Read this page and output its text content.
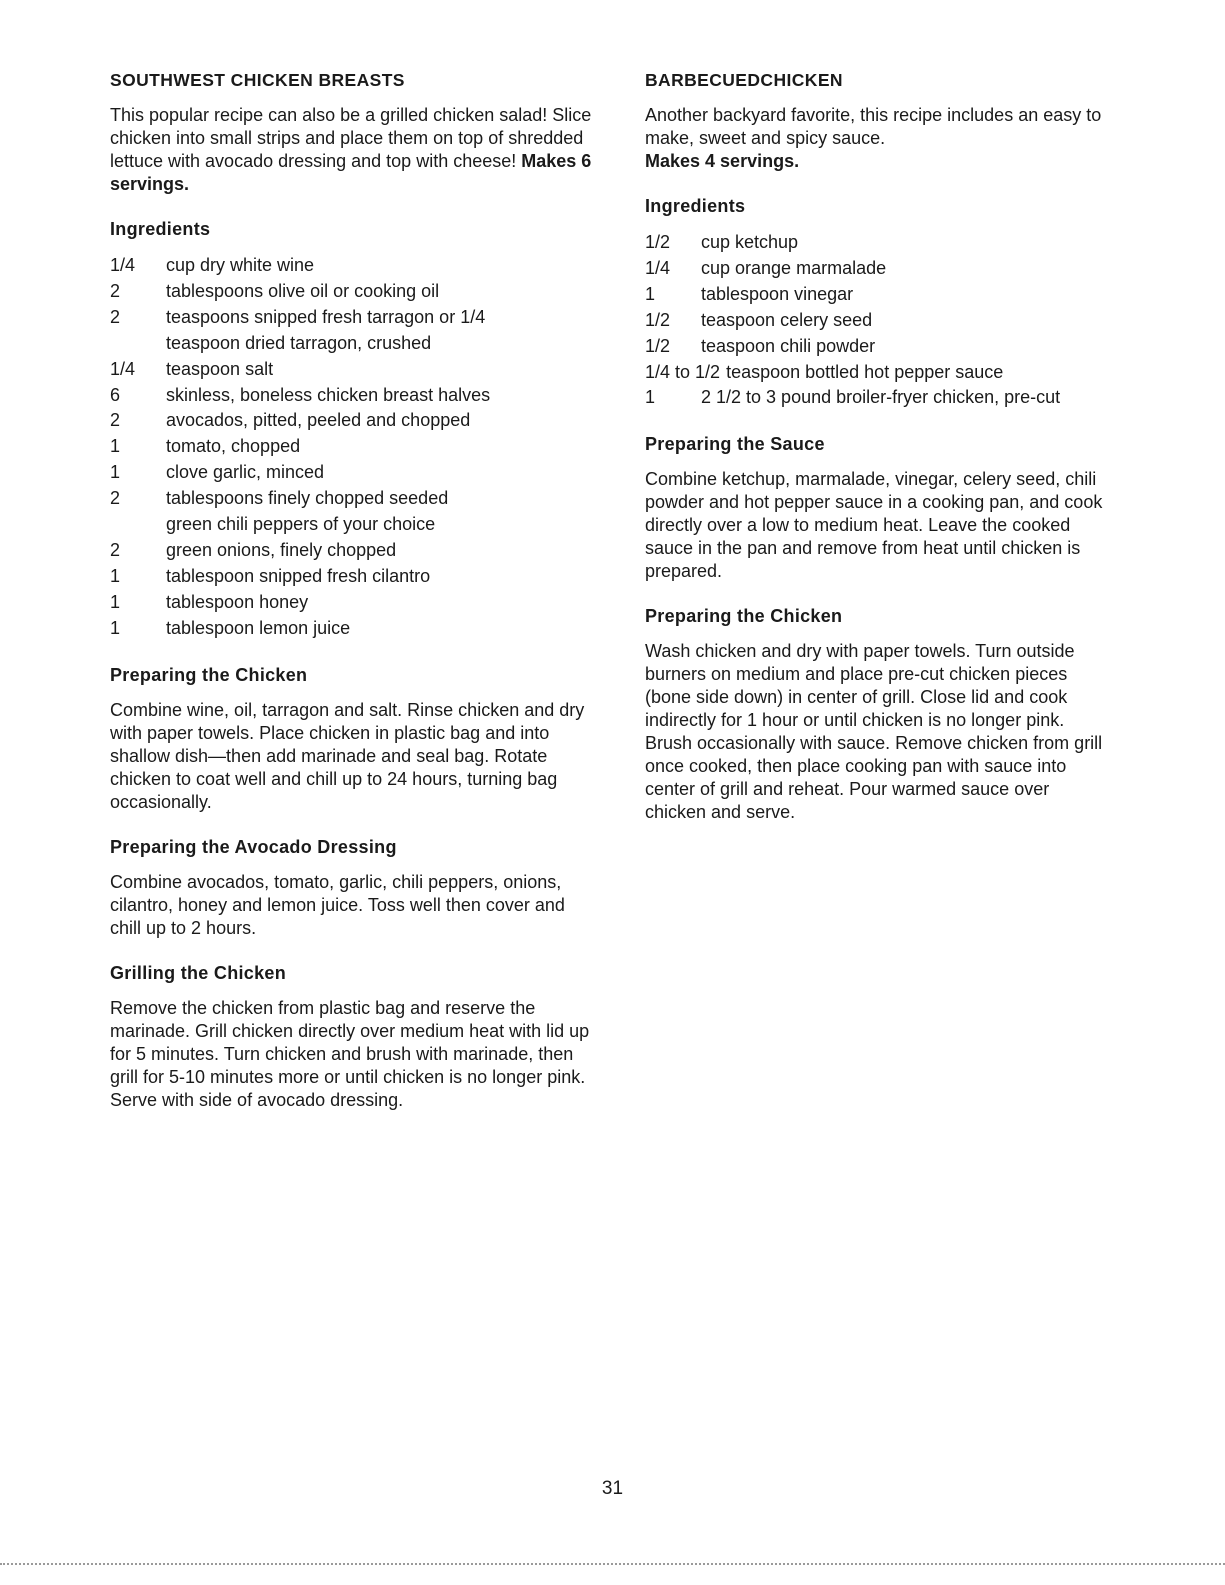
SOUTHWEST CHICKEN BREASTS

This popular recipe can also be a grilled chicken salad! Slice chicken into small strips and place them on top of shredded lettuce with avocado dressing and top with cheese! Makes 6 servings.

Ingredients
1/4	cup dry white wine
2	tablespoons olive oil or cooking oil
2	teaspoons snipped fresh tarragon or 1/4
teaspoon dried tarragon, crushed
1/4	teaspoon salt
6	skinless, boneless chicken breast halves
2	avocados, pitted, peeled and chopped
1	tomato, chopped
1	clove garlic, minced
2	tablespoons finely chopped seeded
green chili peppers of your choice
2	green onions, finely chopped
1	tablespoon snipped fresh cilantro
1	tablespoon honey
1	tablespoon lemon juice
Preparing the Chicken

Combine wine, oil, tarragon and salt. Rinse chicken and dry with paper towels. Place chicken in plastic bag and into shallow dish—then add marinade and seal bag. Rotate chicken to coat well and chill up to 24 hours, turning bag occasionally.

Preparing the Avocado Dressing

Combine avocados, tomato, garlic, chili peppers, onions, cilantro, honey and lemon juice. Toss well then cover and chill up to 2 hours.

Grilling the Chicken

Remove the chicken from plastic bag and reserve the marinade. Grill chicken directly over medium heat with lid up for 5 minutes. Turn chicken and brush with marinade, then grill for 5-10 minutes more or until chicken is no longer pink. Serve with side of avocado dressing.

BARBECUEDCHICKEN

Another backyard favorite, this recipe includes an easy to make, sweet and spicy sauce.

Makes 4 servings.

Ingredients
1/2	cup ketchup
1/4	cup orange marmalade
1	tablespoon vinegar
1/2	teaspoon celery seed
1/2	teaspoon chili powder
1/4 to 1/2 teaspoon bottled hot pepper sauce
1	2 1/2 to 3 pound broiler-fryer chicken, pre-cut
Preparing the Sauce

Combine ketchup, marmalade, vinegar, celery seed, chili powder and hot pepper sauce in a cooking pan, and cook directly over a low to medium heat. Leave the cooked sauce in the pan and remove from heat until chicken is prepared.

Preparing the Chicken

Wash chicken and dry with paper towels. Turn outside burners on medium and place pre-cut chicken pieces (bone side down) in center of grill. Close lid and cook indirectly for 1 hour or until chicken is no longer pink. Brush occasionally with sauce. Remove chicken from grill once cooked, then place cooking pan with sauce into center of grill and reheat. Pour warmed sauce over chicken and serve.

31
